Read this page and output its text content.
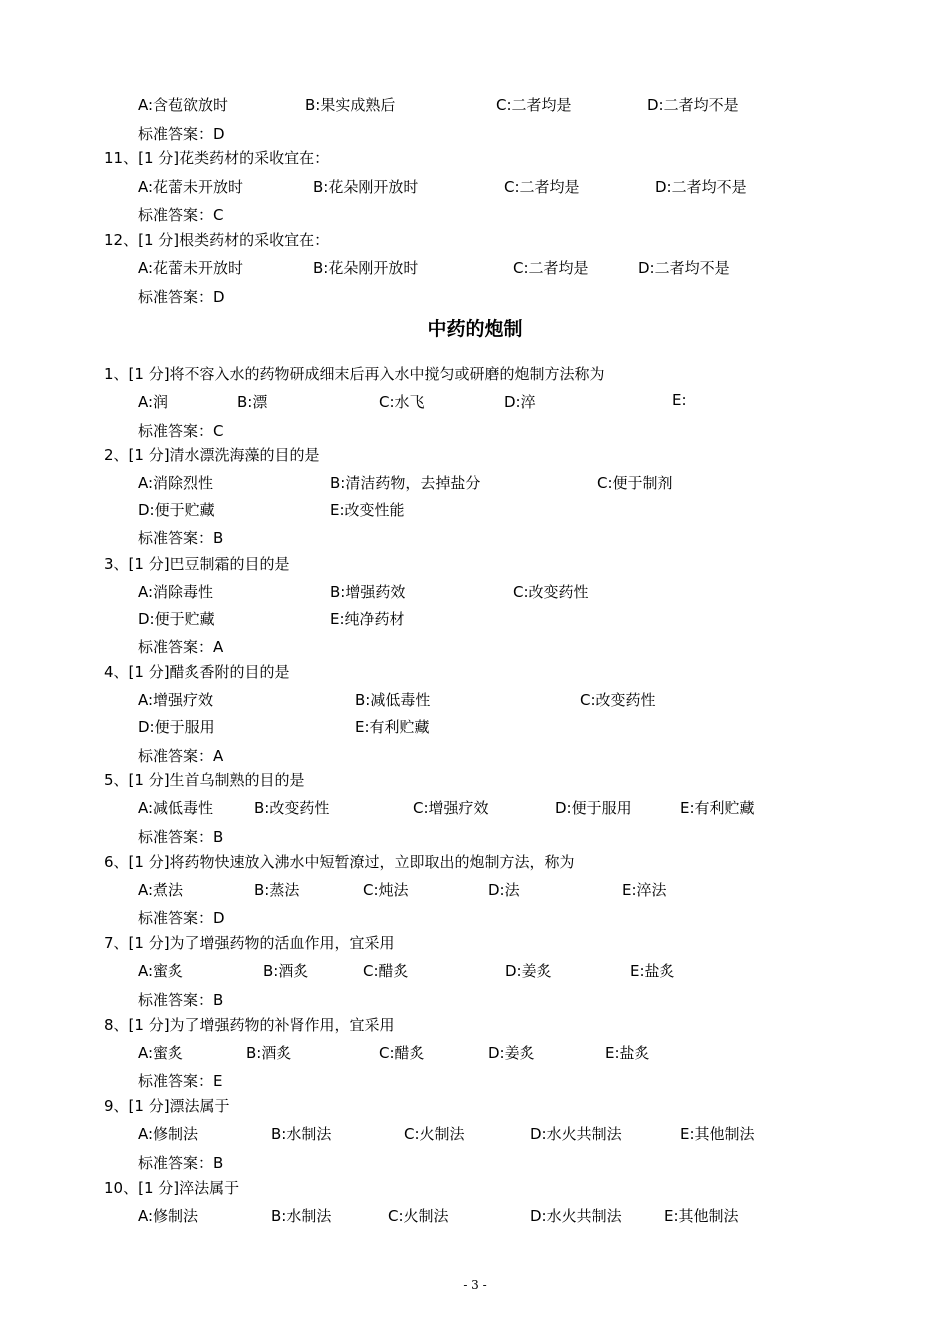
A:含苞欲放时	B:果实成熟后	C:二者均是	D:二者均不是
标准答案：D
11、[1 分]花类药材的采收宜在：
A:花蕾未开放时	B:花朵刚开放时	C:二者均是	D:二者均不是
标准答案：C
12、[1 分]根类药材的采收宜在：
A:花蕾未开放时	B:花朵刚开放时	C:二者均是	D:二者均不是
标准答案：D
中药的炮制
1、[1 分]将不容入水的药物研成细末后再入水中搅匀或研磨的炮制方法称为
A:润	B:漂	C:水飞	D:淬	E:
标准答案：C
2、[1 分]清水漂洗海藻的目的是
A:消除烈性	B:清洁药物，去掉盐分	C:便于制剂
D:便于贮藏	E:改变性能
标准答案：B
3、[1 分]巴豆制霜的目的是
A:消除毒性	B:增强药效	C:改变药性
D:便于贮藏	E:纯净药材
标准答案：A
4、[1 分]醋炙香附的目的是
A:增强疗效	B:减低毒性	C:改变药性
D:便于服用	E:有利贮藏
标准答案：A
5、[1 分]生首乌制熟的目的是
A:减低毒性	B:改变药性	C:增强疗效	D:便于服用	E:有利贮藏
标准答案：B
6、[1 分]将药物快速放入沸水中短暂潦过，立即取出的炮制方法，称为
A:煮法	B:蒸法	C:炖法	D:法	E:淬法
标准答案：D
7、[1 分]为了增强药物的活血作用，宜采用
A:蜜炙	B:酒炙	C:醋炙	D:姜炙	E:盐炙
标准答案：B
8、[1 分]为了增强药物的补肾作用，宜采用
A:蜜炙	B:酒炙	C:醋炙	D:姜炙	E:盐炙
标准答案：E
9、[1 分]漂法属于
A:修制法	B:水制法	C:火制法	D:水火共制法	E:其他制法
标准答案：B
10、[1 分]淬法属于
A:修制法	B:水制法	C:火制法	D:水火共制法	E:其他制法
- 3 -
